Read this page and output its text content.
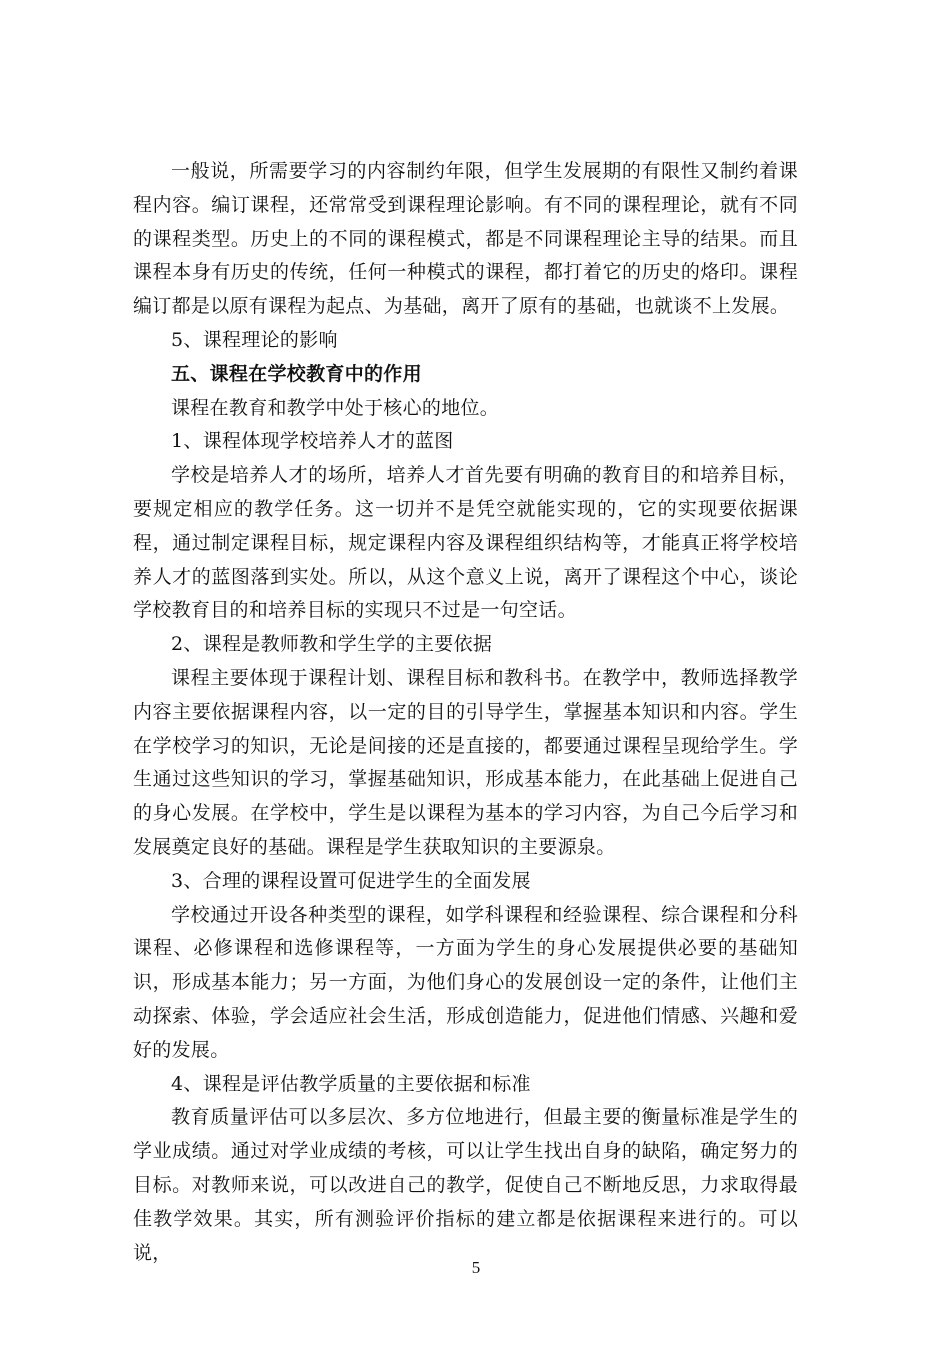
一般说，所需要学习的内容制约年限，但学生发展期的有限性又制约着课程内容。编订课程，还常常受到课程理论影响。有不同的课程理论，就有不同的课程类型。历史上的不同的课程模式，都是不同课程理论主导的结果。而且课程本身有历史的传统，任何一种模式的课程，都打着它的历史的烙印。课程编订都是以原有课程为起点、为基础，离开了原有的基础，也就谈不上发展。

5、课程理论的影响

五、课程在学校教育中的作用

课程在教育和教学中处于核心的地位。

1、课程体现学校培养人才的蓝图

学校是培养人才的场所，培养人才首先要有明确的教育目的和培养目标，要规定相应的教学任务。这一切并不是凭空就能实现的，它的实现要依据课程，通过制定课程目标，规定课程内容及课程组织结构等，才能真正将学校培养人才的蓝图落到实处。所以，从这个意义上说，离开了课程这个中心，谈论学校教育目的和培养目标的实现只不过是一句空话。

2、课程是教师教和学生学的主要依据

课程主要体现于课程计划、课程目标和教科书。在教学中，教师选择教学内容主要依据课程内容，以一定的目的引导学生，掌握基本知识和内容。学生在学校学习的知识，无论是间接的还是直接的，都要通过课程呈现给学生。学生通过这些知识的学习，掌握基础知识，形成基本能力，在此基础上促进自己的身心发展。在学校中，学生是以课程为基本的学习内容，为自己今后学习和发展奠定良好的基础。课程是学生获取知识的主要源泉。

3、合理的课程设置可促进学生的全面发展

学校通过开设各种类型的课程，如学科课程和经验课程、综合课程和分科课程、必修课程和选修课程等，一方面为学生的身心发展提供必要的基础知识，形成基本能力；另一方面，为他们身心的发展创设一定的条件，让他们主动探索、体验，学会适应社会生活，形成创造能力，促进他们情感、兴趣和爱好的发展。

4、课程是评估教学质量的主要依据和标准

教育质量评估可以多层次、多方位地进行，但最主要的衡量标准是学生的学业成绩。通过对学业成绩的考核，可以让学生找出自身的缺陷，确定努力的目标。对教师来说，可以改进自己的教学，促使自己不断地反思，力求取得最佳教学效果。其实，所有测验评价指标的建立都是依据课程来进行的。可以说，

5
